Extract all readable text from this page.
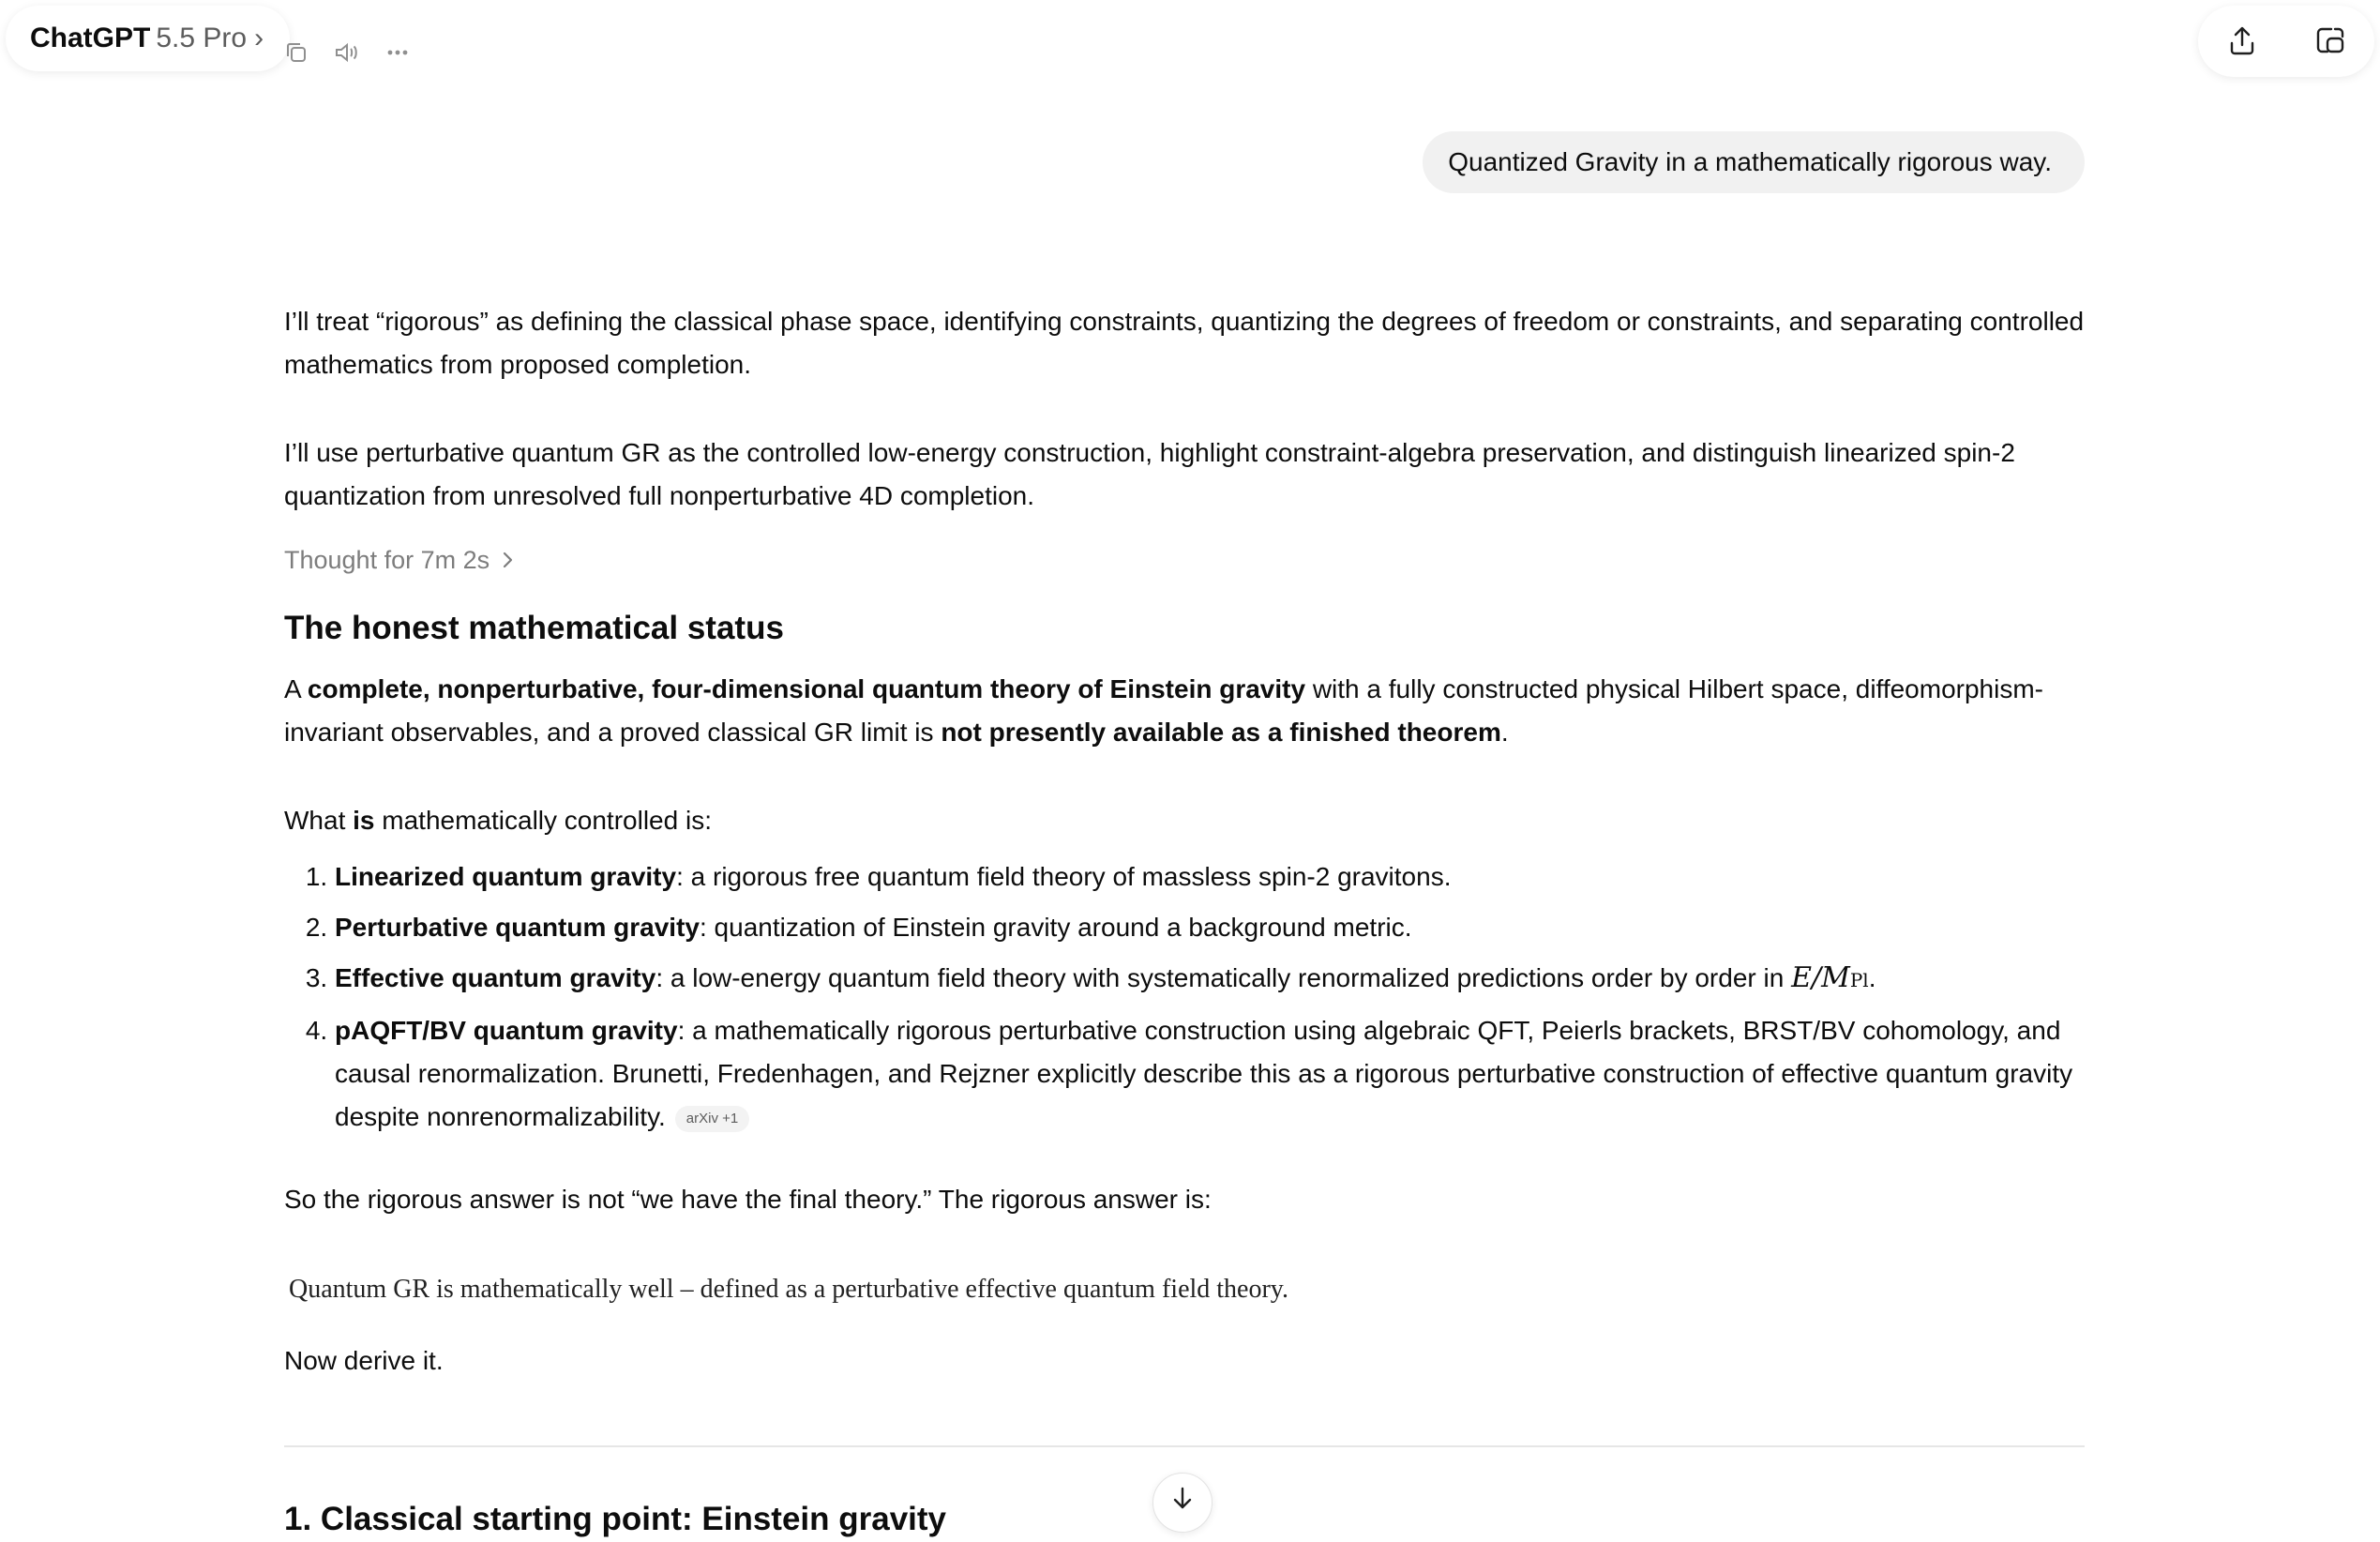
ChatGPT 5.5 Pro ›
Quantized Gravity in a mathematically rigorous way.

I’ll treat “rigorous” as defining the classical phase space, identifying constraints, quantizing the degrees of freedom or constraints, and separating controlled mathematics from proposed completion.

I’ll use perturbative quantum GR as the controlled low-energy construction, highlight constraint-algebra preservation, and distinguish linearized spin-2 quantization from unresolved full nonperturbative 4D completion.

Thought for 7m 2s
The honest mathematical status

A complete, nonperturbative, four-dimensional quantum theory of Einstein gravity with a fully constructed physical Hilbert space, diffeomorphism-invariant observables, and a proved classical GR limit is not presently available as a finished theorem.

What is mathematically controlled is:

1. Linearized quantum gravity: a rigorous free quantum field theory of massless spin-2 gravitons.
2. Perturbative quantum gravity: quantization of Einstein gravity around a background metric.
3. Effective quantum gravity: a low-energy quantum field theory with systematically renormalized predictions order by order in E/MPl.
4. pAQFT/BV quantum gravity: a mathematically rigorous perturbative construction using algebraic QFT, Peierls brackets, BRST/BV cohomology, and causal renormalization. Brunetti, Fredenhagen, and Rejzner explicitly describe this as a rigorous perturbative construction of effective quantum gravity despite nonrenormalizability. arXiv +1

So the rigorous answer is not “we have the final theory.” The rigorous answer is:

Quantum GR is mathematically well – defined as a perturbative effective quantum field theory.

Now derive it.

1. Classical starting point: Einstein gravity
